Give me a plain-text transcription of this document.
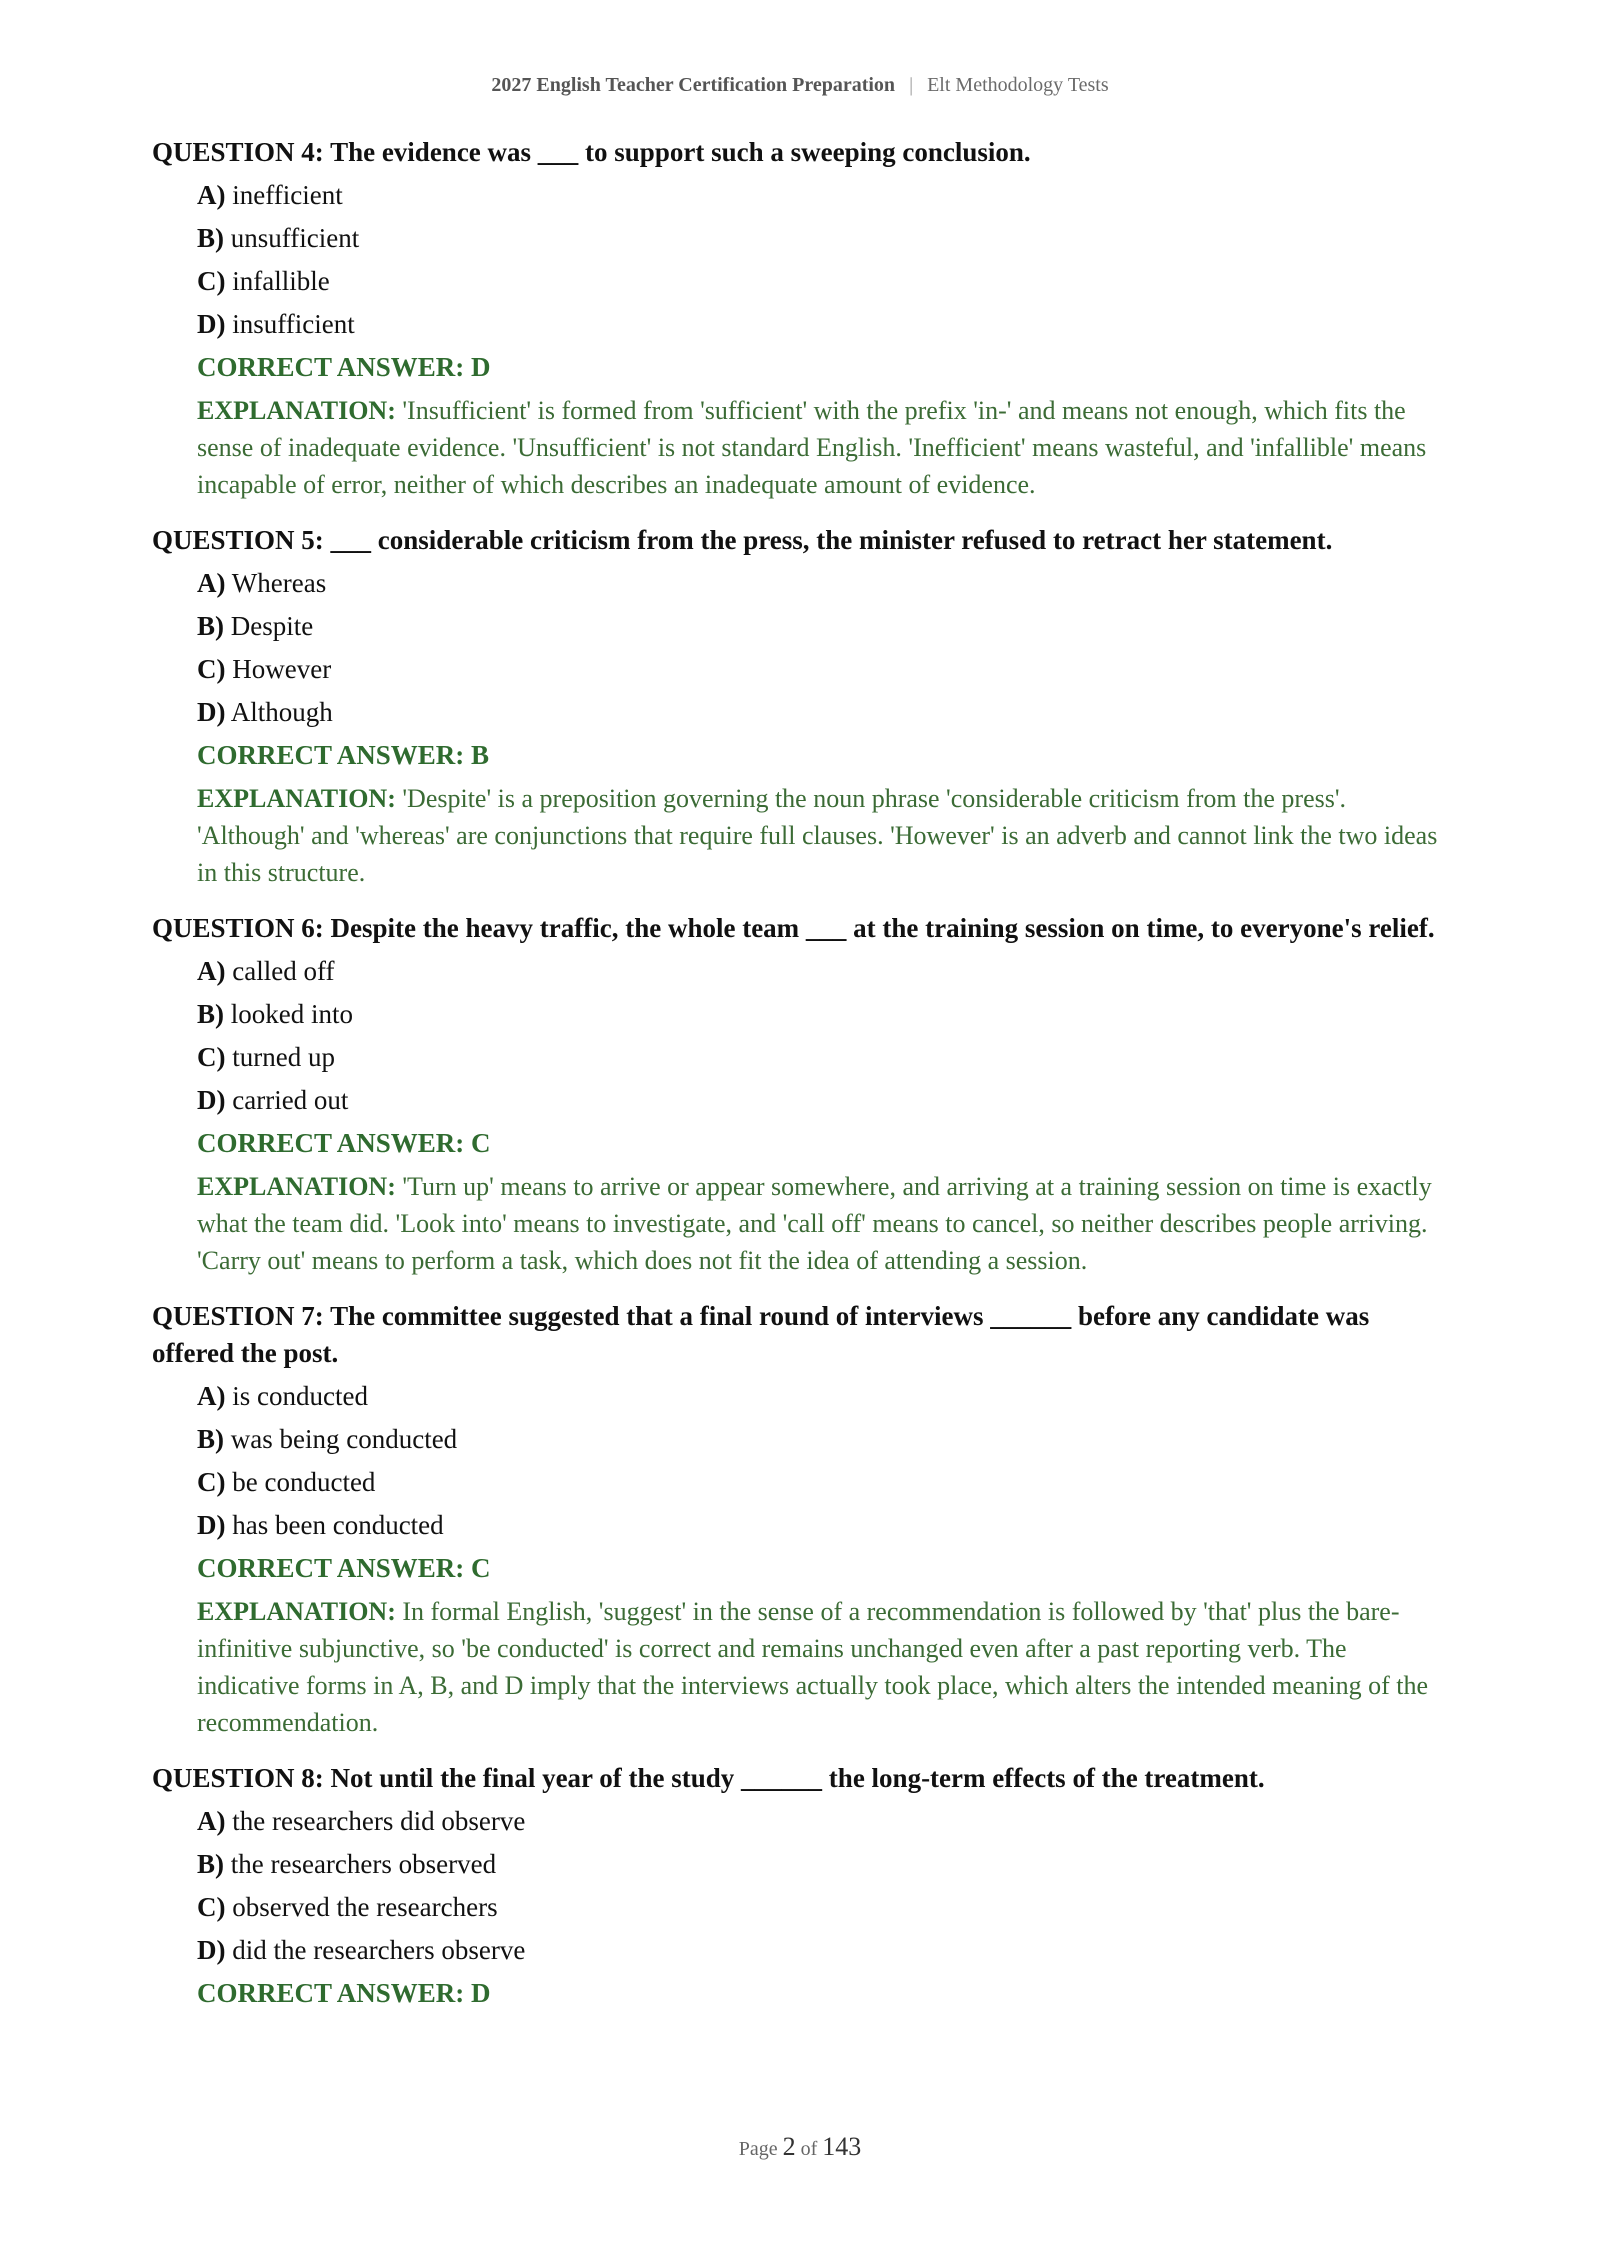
2027 English Teacher Certification Preparation | Elt Methodology Tests
QUESTION 4: The evidence was ___ to support such a sweeping conclusion.
A) inefficient
B) unsufficient
C) infallible
D) insufficient
CORRECT ANSWER: D
EXPLANATION: 'Insufficient' is formed from 'sufficient' with the prefix 'in-' and means not enough, which fits the sense of inadequate evidence. 'Unsufficient' is not standard English. 'Inefficient' means wasteful, and 'infallible' means incapable of error, neither of which describes an inadequate amount of evidence.
QUESTION 5: ___ considerable criticism from the press, the minister refused to retract her statement.
A) Whereas
B) Despite
C) However
D) Although
CORRECT ANSWER: B
EXPLANATION: 'Despite' is a preposition governing the noun phrase 'considerable criticism from the press'. 'Although' and 'whereas' are conjunctions that require full clauses. 'However' is an adverb and cannot link the two ideas in this structure.
QUESTION 6: Despite the heavy traffic, the whole team ___ at the training session on time, to everyone's relief.
A) called off
B) looked into
C) turned up
D) carried out
CORRECT ANSWER: C
EXPLANATION: 'Turn up' means to arrive or appear somewhere, and arriving at a training session on time is exactly what the team did. 'Look into' means to investigate, and 'call off' means to cancel, so neither describes people arriving. 'Carry out' means to perform a task, which does not fit the idea of attending a session.
QUESTION 7: The committee suggested that a final round of interviews ______ before any candidate was offered the post.
A) is conducted
B) was being conducted
C) be conducted
D) has been conducted
CORRECT ANSWER: C
EXPLANATION: In formal English, 'suggest' in the sense of a recommendation is followed by 'that' plus the bare-infinitive subjunctive, so 'be conducted' is correct and remains unchanged even after a past reporting verb. The indicative forms in A, B, and D imply that the interviews actually took place, which alters the intended meaning of the recommendation.
QUESTION 8: Not until the final year of the study ______ the long-term effects of the treatment.
A) the researchers did observe
B) the researchers observed
C) observed the researchers
D) did the researchers observe
CORRECT ANSWER: D
Page 2 of 143
